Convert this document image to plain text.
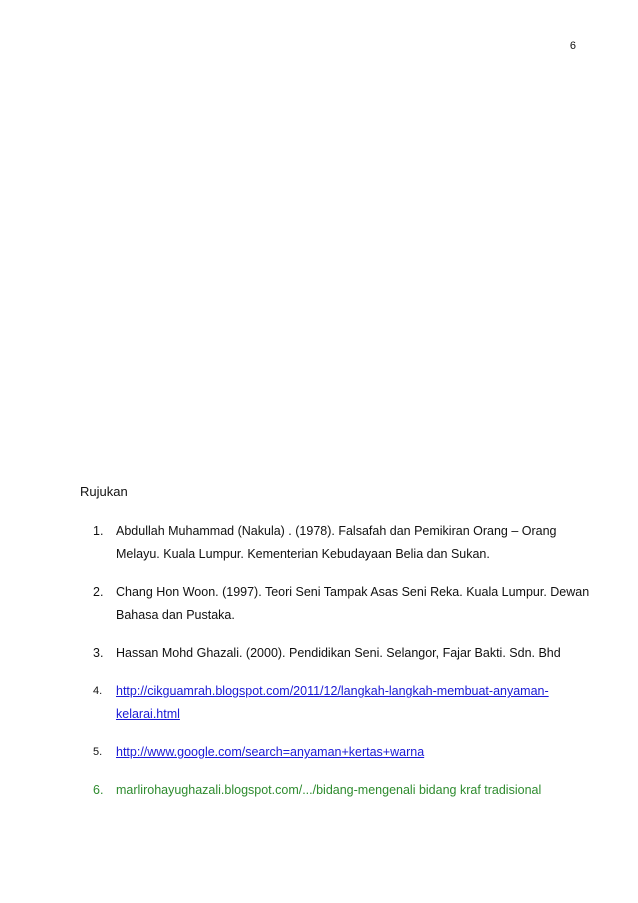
6
Rujukan
1. Abdullah Muhammad (Nakula) . (1978). Falsafah dan Pemikiran Orang – Orang Melayu. Kuala Lumpur. Kementerian Kebudayaan Belia dan Sukan.
2. Chang Hon Woon. (1997). Teori Seni Tampak Asas Seni Reka. Kuala Lumpur. Dewan Bahasa dan Pustaka.
3. Hassan Mohd Ghazali. (2000). Pendidikan Seni. Selangor, Fajar Bakti. Sdn. Bhd
4. http://cikguamrah.blogspot.com/2011/12/langkah-langkah-membuat-anyaman-kelarai.html
5. http://www.google.com/search=anyaman+kertas+warna
6. marlirohayughazali.blogspot.com/.../bidang-mengenali bidang kraf tradisional
